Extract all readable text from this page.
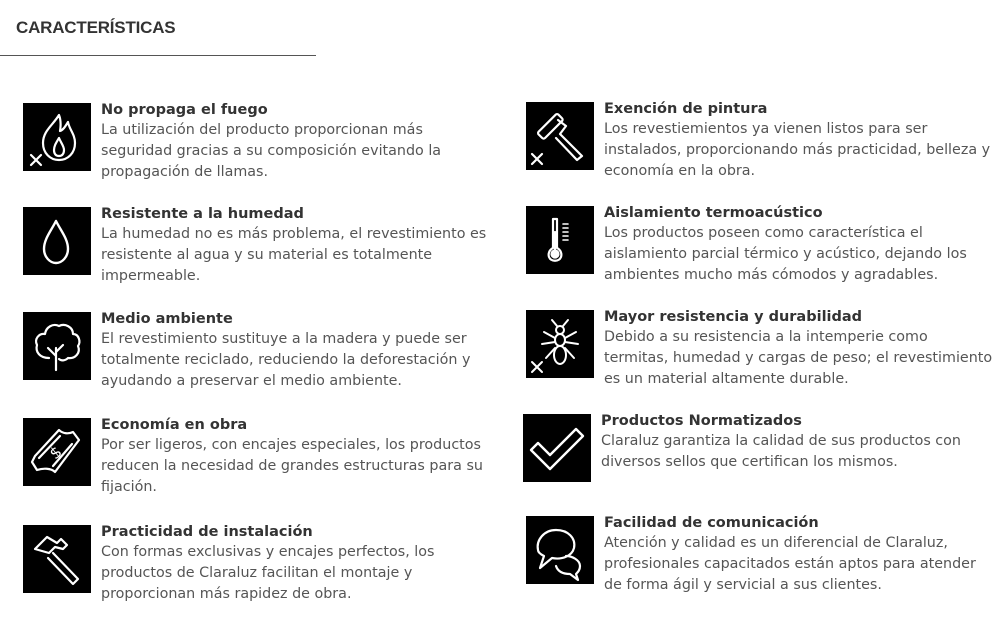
CARACTERÍSTICAS

No propaga el fuego

La utilización del producto proporcionan más seguridad gracias a su composición evitando la propagación de llamas.

Resistente a la humedad

La humedad no es más problema, el revestimiento es resistente al agua y su material es totalmente impermeable.

Medio ambiente

El revestimiento sustituye a la madera y puede ser totalmente reciclado, reduciendo la deforestación y ayudando a preservar el medio ambiente.

$

Economía en obra

Por ser ligeros, con encajes especiales, los productos reducen la necesidad de grandes estructuras para su fijación.

Practicidad de instalación

Con formas exclusivas y encajes perfectos, los productos de Claraluz facilitan el montaje y proporcionan más rapidez de obra.

Exención de pintura

Los revestiemientos ya vienen listos para ser instalados, proporcionando más practicidad, belleza y economía en la obra.

Aislamiento termoacústico

Los productos poseen como característica el aislamiento parcial térmico y acústico, dejando los ambientes mucho más cómodos y agradables.

Mayor resistencia y durabilidad

Debido a su resistencia a la intemperie como termitas, humedad y cargas de peso; el revestimiento es un material altamente durable.

Productos Normatizados

Claraluz garantiza la calidad de sus productos con diversos sellos que certifican los mismos.

Facilidad de comunicación

Atención y calidad es un diferencial de Claraluz, profesionales capacitados están aptos para atender de forma ágil y servicial a sus clientes.
